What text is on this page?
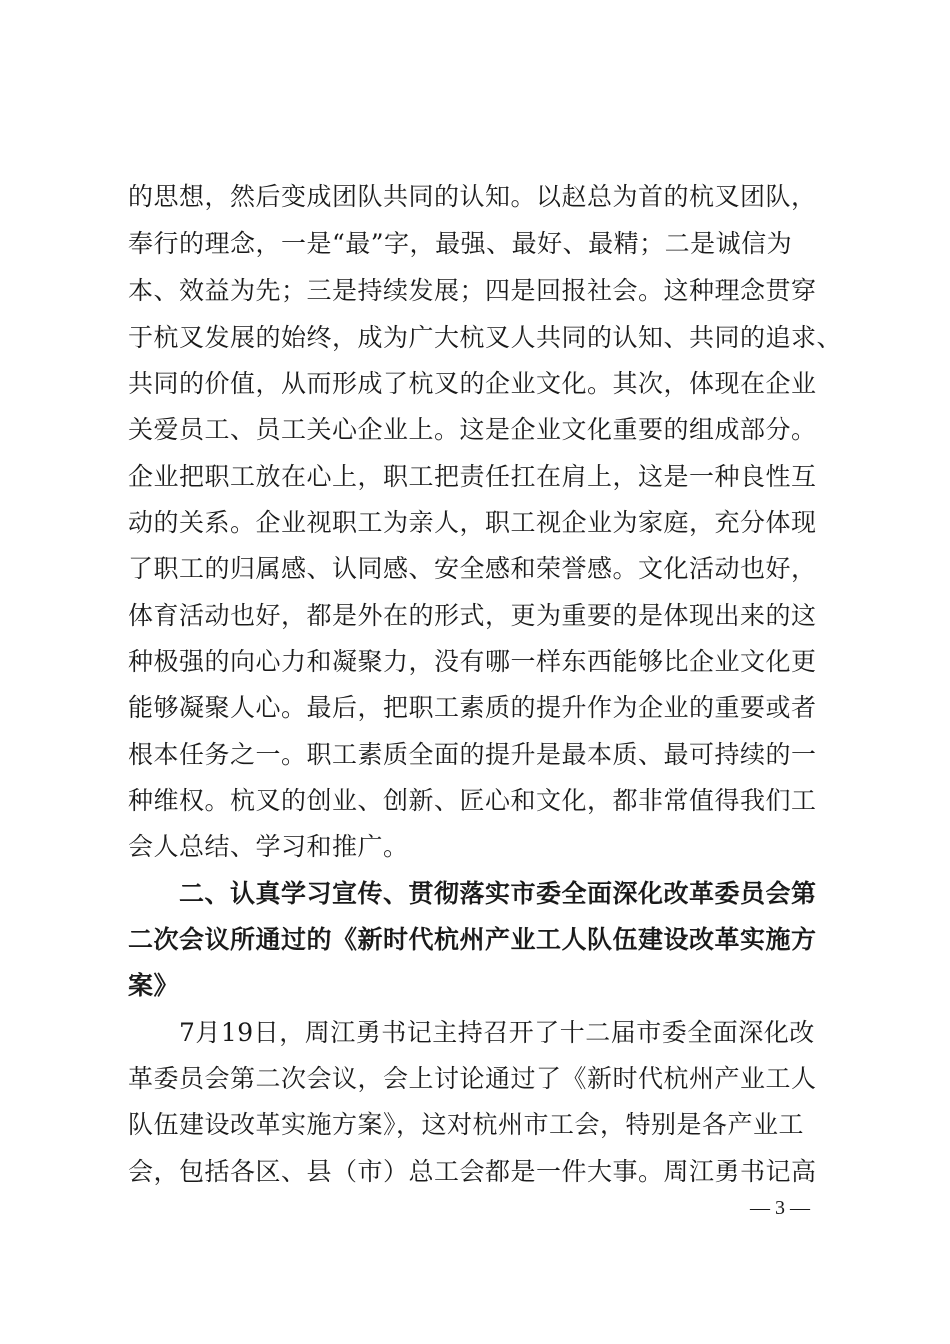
的思想，然后变成团队共同的认知。以赵总为首的杭叉团队，
奉行的理念，一是“最”字，最强、最好、最精；二是诚信为
本、效益为先；三是持续发展；四是回报社会。这种理念贯穿
于杭叉发展的始终，成为广大杭叉人共同的认知、共同的追求、
共同的价值，从而形成了杭叉的企业文化。其次，体现在企业
关爱员工、员工关心企业上。这是企业文化重要的组成部分。
企业把职工放在心上，职工把责任扛在肩上，这是一种良性互
动的关系。企业视职工为亲人，职工视企业为家庭，充分体现
了职工的归属感、认同感、安全感和荣誉感。文化活动也好，
体育活动也好，都是外在的形式，更为重要的是体现出来的这
种极强的向心力和凝聚力，没有哪一样东西能够比企业文化更
能够凝聚人心。最后，把职工素质的提升作为企业的重要或者
根本任务之一。职工素质全面的提升是最本质、最可持续的一
种维权。杭叉的创业、创新、匠心和文化，都非常值得我们工
会人总结、学习和推广。
　　二、认真学习宣传、贯彻落实市委全面深化改革委员会第
二次会议所通过的《新时代杭州产业工人队伍建设改革实施方
案》
　　7月19日，周江勇书记主持召开了十二届市委全面深化改
革委员会第二次会议，会上讨论通过了《新时代杭州产业工人
队伍建设改革实施方案》，这对杭州市工会，特别是各产业工
会，包括各区、县（市）总工会都是一件大事。周江勇书记高
— 3 —
